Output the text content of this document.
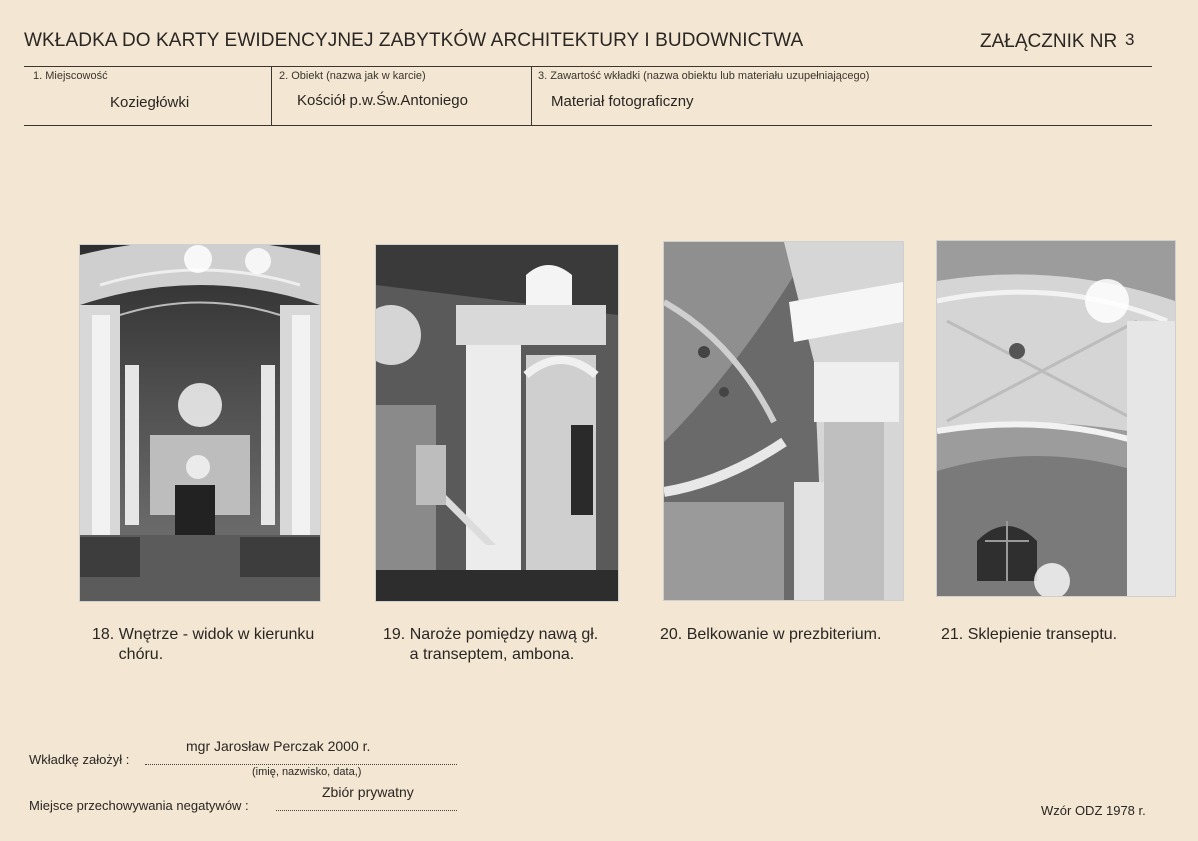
WKŁADKA DO KARTY EWIDENCYJNEJ ZABYTKÓW ARCHITEKTURY I BUDOWNICTWA	ZAŁĄCZNIK NR 3
1. Miejscowość
Koziegłówki
2. Obiekt (nazwa jak w karcie)
Kościół p.w.Św.Antoniego
3. Zawartość wkładki (nazwa obiektu lub materiału uzupełniającego)
Materiał fotograficzny
18. Wnętrze - widok w kierunku
chóru.
19. Naroże pomiędzy nawą gł.
a transeptem, ambona.
20. Belkowanie w prezbiterium.	21. Sklepienie transeptu.
mgr Jarosław Perczak 2000 r.
Wkładkę założył :
(imię, nazwisko, data,)
Zbiór prywatny
Miejsce przechowywania negatywów :	Wzór ODZ 1978 r.
